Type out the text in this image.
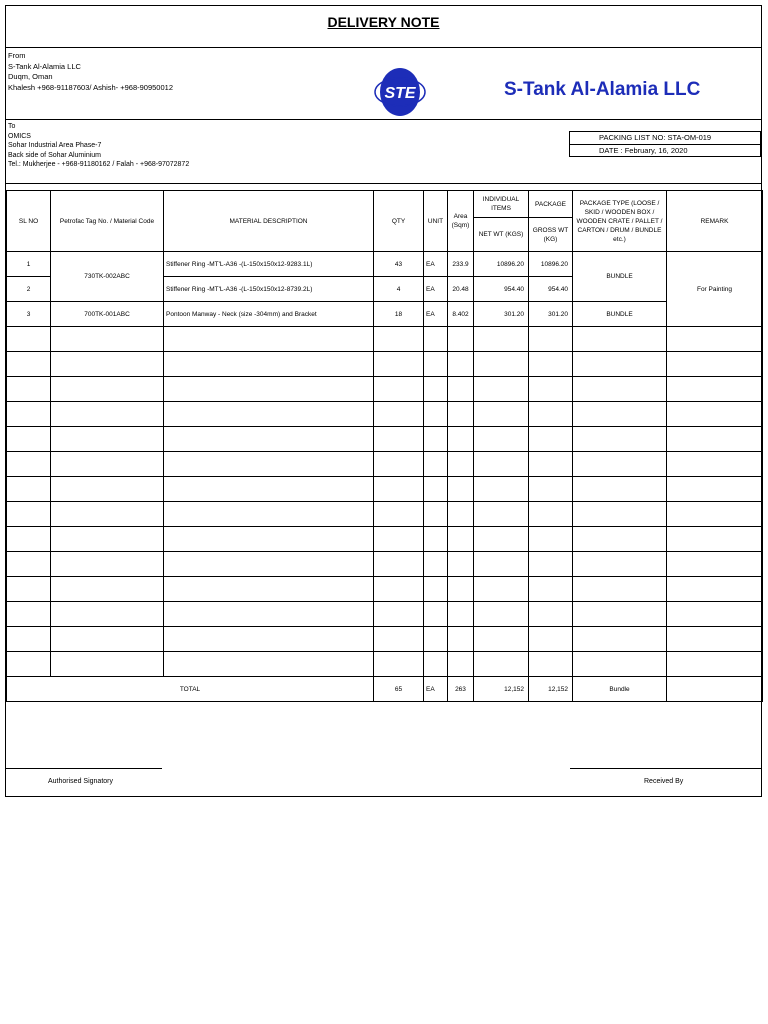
DELIVERY NOTE
From
S-Tank Al-Alamia LLC
Duqm, Oman
Khalesh +968-91187603/ Ashish- +968-90950012	STE	S-Tank Al-Alamia LLC
To
OMICS
Sohar Industrial Area Phase-7
Back side of Sohar Aluminium
Tel.: Mukherjee - +968-91180162 / Falah - +968-97072872
PACKING LIST NO: STA-OM-019
DATE : February, 16, 2020
SL NO	Petrofac Tag No. / Material Code	MATERIAL DESCRIPTION	QTY	UNIT	Area (Sqm)	INDIVIDUAL ITEMS	PACKAGE	PACKAGE TYPE (LOOSE / SKID / WOODEN BOX / WOODEN CRATE / PALLET / CARTON / DRUM / BUNDLE etc.)	REMARK
						NET WT (KGS)	GROSS WT (KG)		
1	730TK-002ABC	Stiffener Ring -MT'L-A36 -(L-150x150x12-9283.1L)	43	EA	233.9	10896.20	10896.20	BUNDLE	For Painting
2		Stiffener Ring -MT'L-A36 -(L-150x150x12-8739.2L)	4	EA	20.48	954.40	954.40		
3	700TK-001ABC	Pontoon Manway - Neck (size -304mm) and Bracket	18	EA	8.402	301.20	301.20	BUNDLE	

TOTAL			65	EA	263	12,152	12,152	Bundle	
Authorised Signatory	Received By
